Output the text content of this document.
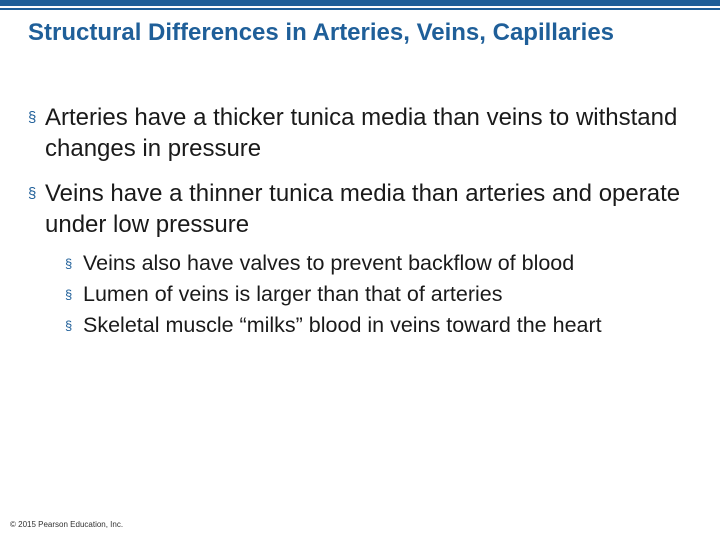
Structural Differences in Arteries, Veins, Capillaries
§ Arteries have a thicker tunica media than veins to withstand changes in pressure
§ Veins have a thinner tunica media than arteries and operate under low pressure
§ Veins also have valves to prevent backflow of blood
§ Lumen of veins is larger than that of arteries
§ Skeletal muscle “milks” blood in veins toward the heart
© 2015 Pearson Education, Inc.
